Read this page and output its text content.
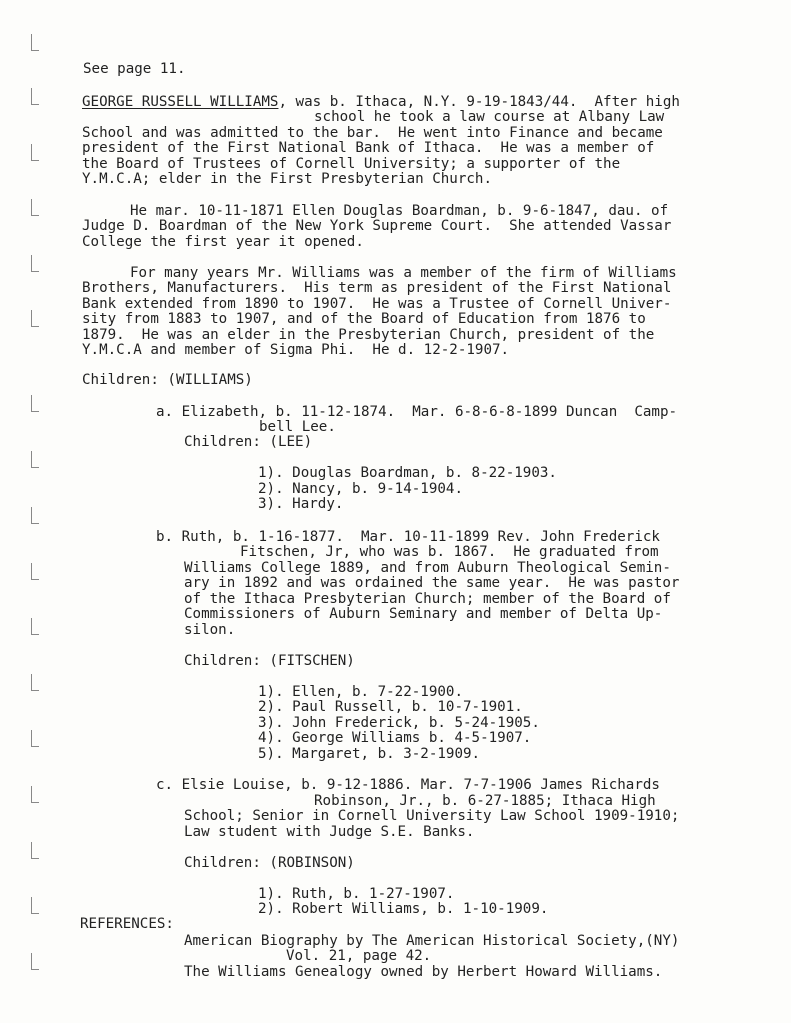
See page 11.
GEORGE RUSSELL WILLIAMS, was b. Ithaca, N.Y. 9-19-1843/44.  After high
school he took a law course at Albany Law
School and was admitted to the bar.  He went into Finance and became
president of the First National Bank of Ithaca.  He was a member of
the Board of Trustees of Cornell University; a supporter of the
Y.M.C.A; elder in the First Presbyterian Church.
He mar. 10-11-1871 Ellen Douglas Boardman, b. 9-6-1847, dau. of
Judge D. Boardman of the New York Supreme Court.  She attended Vassar
College the first year it opened.
For many years Mr. Williams was a member of the firm of Williams
Brothers, Manufacturers.  His term as president of the First National
Bank extended from 1890 to 1907.  He was a Trustee of Cornell Univer-
sity from 1883 to 1907, and of the Board of Education from 1876 to
1879.  He was an elder in the Presbyterian Church, president of the
Y.M.C.A and member of Sigma Phi.  He d. 12-2-1907.
Children: (WILLIAMS)
a. Elizabeth, b. 11-12-1874.  Mar. 6-8-6-8-1899 Duncan  Camp-
bell Lee.
Children: (LEE)
1). Douglas Boardman, b. 8-22-1903.
2). Nancy, b. 9-14-1904.
3). Hardy.
b. Ruth, b. 1-16-1877.  Mar. 10-11-1899 Rev. John Frederick
Fitschen, Jr, who was b. 1867.  He graduated from
Williams College 1889, and from Auburn Theological Semin-
ary in 1892 and was ordained the same year.  He was pastor
of the Ithaca Presbyterian Church; member of the Board of
Commissioners of Auburn Seminary and member of Delta Up-
silon.
Children: (FITSCHEN)
1). Ellen, b. 7-22-1900.
2). Paul Russell, b. 10-7-1901.
3). John Frederick, b. 5-24-1905.
4). George Williams b. 4-5-1907.
5). Margaret, b. 3-2-1909.
c. Elsie Louise, b. 9-12-1886. Mar. 7-7-1906 James Richards
Robinson, Jr., b. 6-27-1885; Ithaca High
School; Senior in Cornell University Law School 1909-1910;
Law student with Judge S.E. Banks.
Children: (ROBINSON)
1). Ruth, b. 1-27-1907.
2). Robert Williams, b. 1-10-1909.
REFERENCES:
American Biography by The American Historical Society,(NY)
Vol. 21, page 42.
The Williams Genealogy owned by Herbert Howard Williams.
